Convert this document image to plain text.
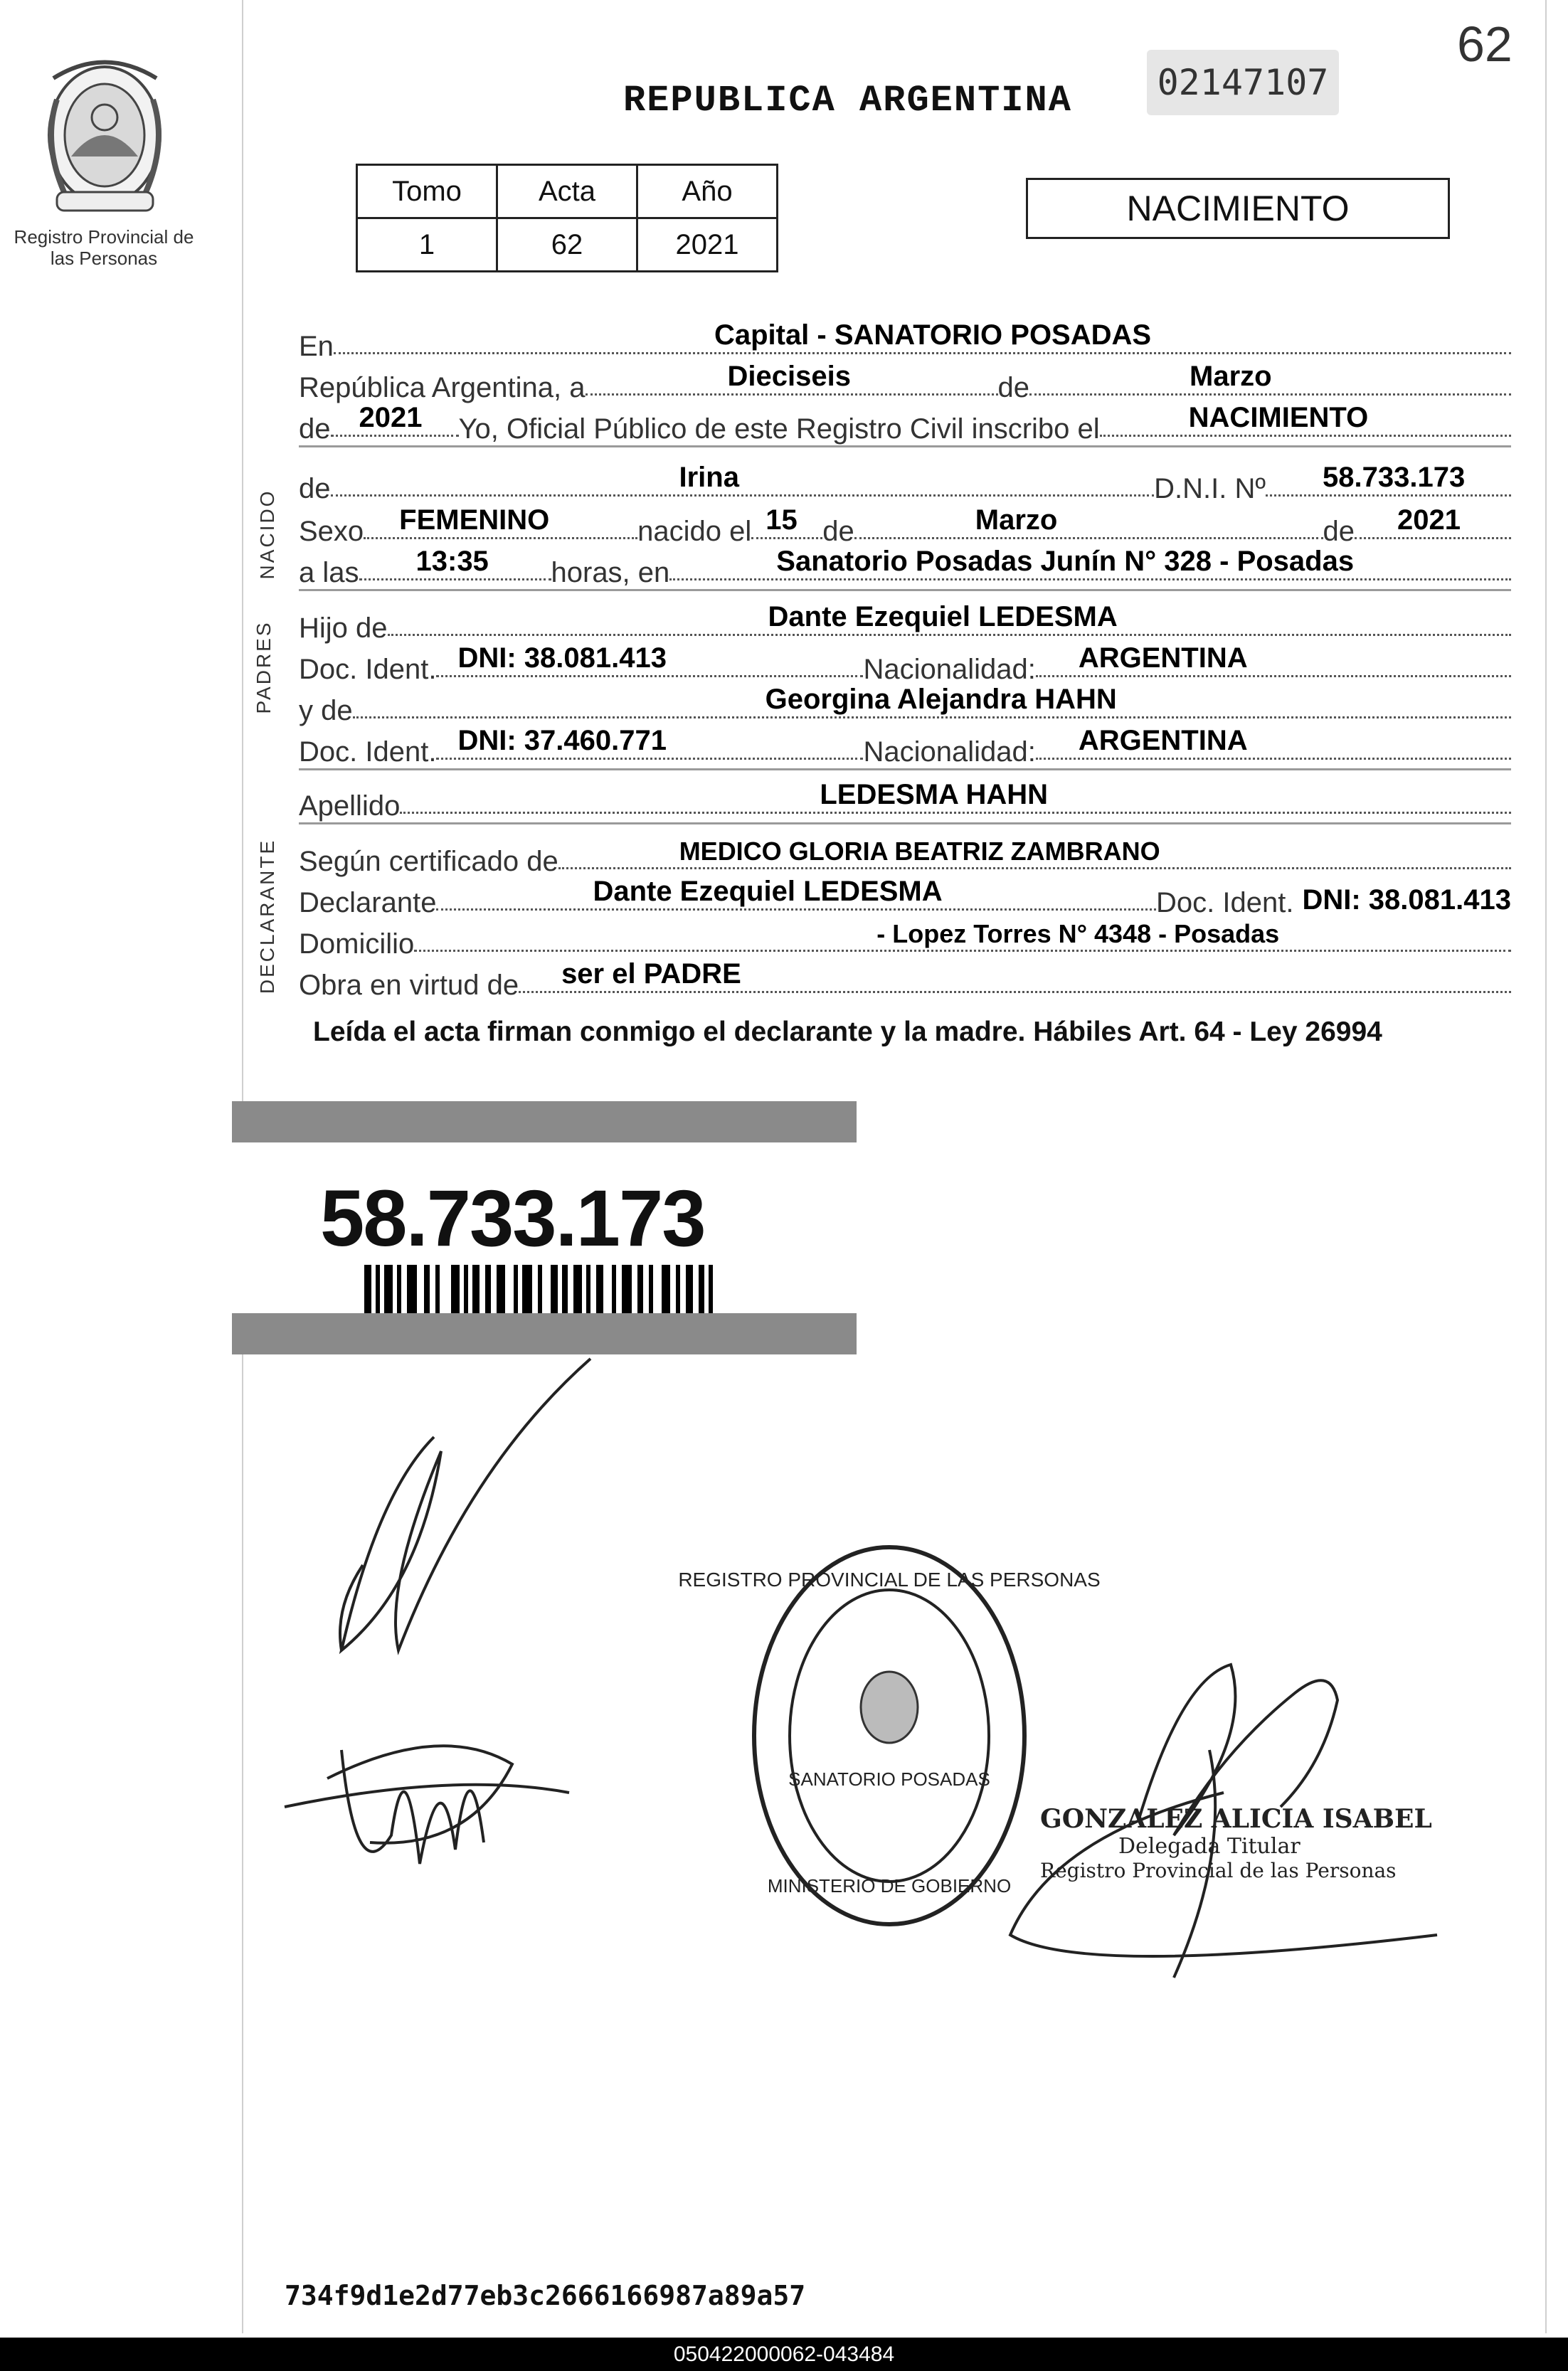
62
02147107
REPUBLICA ARGENTINA
Registro Provincial de las Personas
Tomo	Acta	Año
1	62	2021
NACIMIENTO
En	Capital - SANATORIO POSADAS
República Argentina, a	Dieciseis	de	Marzo
de 2021 Yo, Oficial Público de este Registro Civil inscribo el	NACIMIENTO
NACIDO
de	Irina	D.N.I. Nº 58.733.173
Sexo FEMENINO	nacido el 15 de	Marzo	de 2021
a las 13:35 horas, en	Sanatorio Posadas Junín N° 328 - Posadas
PADRES Hijo de	Dante Ezequiel LEDESMA
Doc. Ident. DNI: 38.081.413	Nacionalidad: ARGENTINA
y de	Georgina Alejandra HAHN
Doc. Ident. DNI: 37.460.771	Nacionalidad: ARGENTINA
Apellido	LEDESMA HAHN
DECLARANTE Según certificado de	MEDICO GLORIA BEATRIZ ZAMBRANO
Declarante	Dante Ezequiel LEDESMA	Doc. Ident. DNI: 38.081.413
Domicilio	- Lopez Torres N° 4348 - Posadas
Obra en virtud de ser el PADRE
Leída el acta firman conmigo el declarante y la madre. Hábiles Art. 64 - Ley 26994
58.733.173
REGISTRO PROVINCIAL DE LAS PERSONAS
SANATORIO POSADAS
MINISTERIO DE GOBIERNO
GONZALEZ ALICIA ISABEL
Delegada Titular
Registro Provincial de las Personas
734f9d1e2d77eb3c2666166987a89a57
050422000062-043484
